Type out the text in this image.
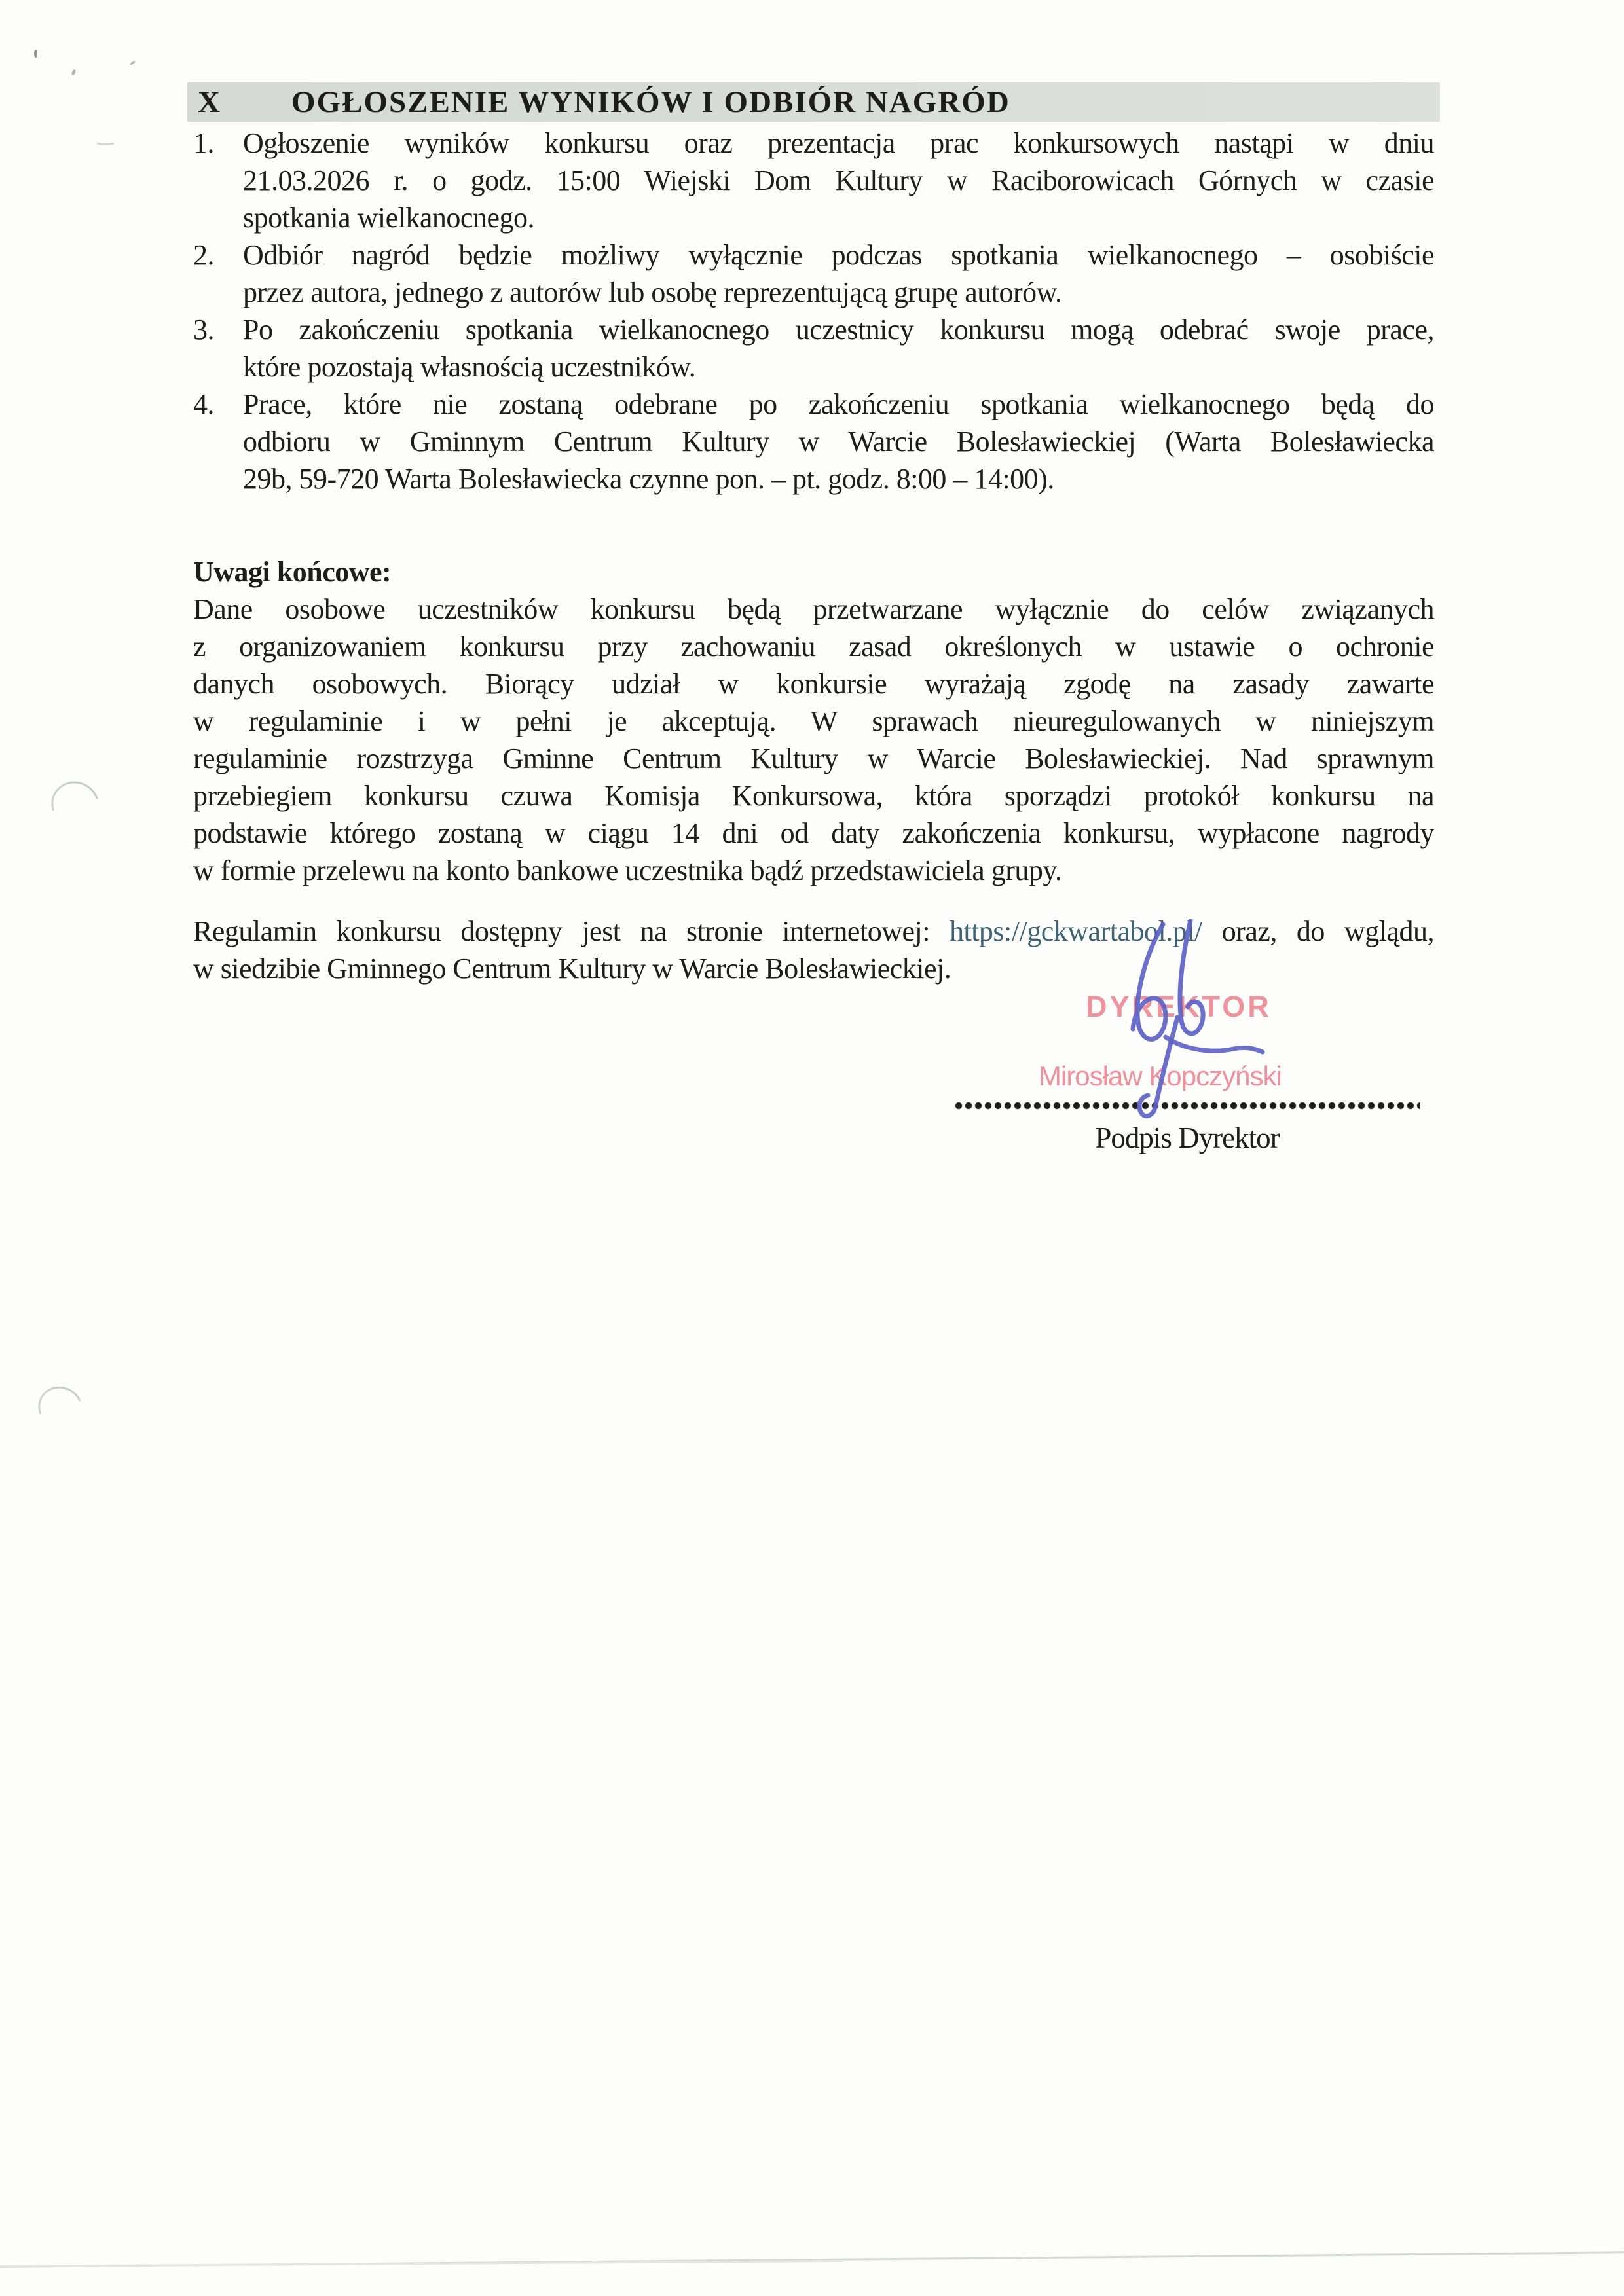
X OGŁOSZENIE WYNIKÓW I ODBIÓR NAGRÓD
1. Ogłoszenie wyników konkursu oraz prezentacja prac konkursowych nastąpi w dniu
21.03.2026 r. o godz. 15:00 Wiejski Dom Kultury w Raciborowicach Górnych w czasie
spotkania wielkanocnego.
2. Odbiór nagród będzie możliwy wyłącznie podczas spotkania wielkanocnego – osobiście
przez autora, jednego z autorów lub osobę reprezentującą grupę autorów.
3. Po zakończeniu spotkania wielkanocnego uczestnicy konkursu mogą odebrać swoje prace,
które pozostają własnością uczestników.
4. Prace, które nie zostaną odebrane po zakończeniu spotkania wielkanocnego będą do
odbioru w Gminnym Centrum Kultury w Warcie Bolesławieckiej (Warta Bolesławiecka
29b, 59-720 Warta Bolesławiecka czynne pon. – pt. godz. 8:00 – 14:00).
Uwagi końcowe:
Dane osobowe uczestników konkursu będą przetwarzane wyłącznie do celów związanych
z organizowaniem konkursu przy zachowaniu zasad określonych w ustawie o ochronie
danych osobowych. Biorący udział w konkursie wyrażają zgodę na zasady zawarte
w regulaminie i w pełni je akceptują. W sprawach nieuregulowanych w niniejszym
regulaminie rozstrzyga Gminne Centrum Kultury w Warcie Bolesławieckiej. Nad sprawnym
przebiegiem konkursu czuwa Komisja Konkursowa, która sporządzi protokół konkursu na
podstawie którego zostaną w ciągu 14 dni od daty zakończenia konkursu, wypłacone nagrody
w formie przelewu na konto bankowe uczestnika bądź przedstawiciela grupy.
Regulamin konkursu dostępny jest na stronie internetowej: https://gckwartabol.pl/ oraz, do wglądu,
w siedzibie Gminnego Centrum Kultury w Warcie Bolesławieckiej.
DYREKTOR
Mirosław Kopczyński
Podpis Dyrektor
